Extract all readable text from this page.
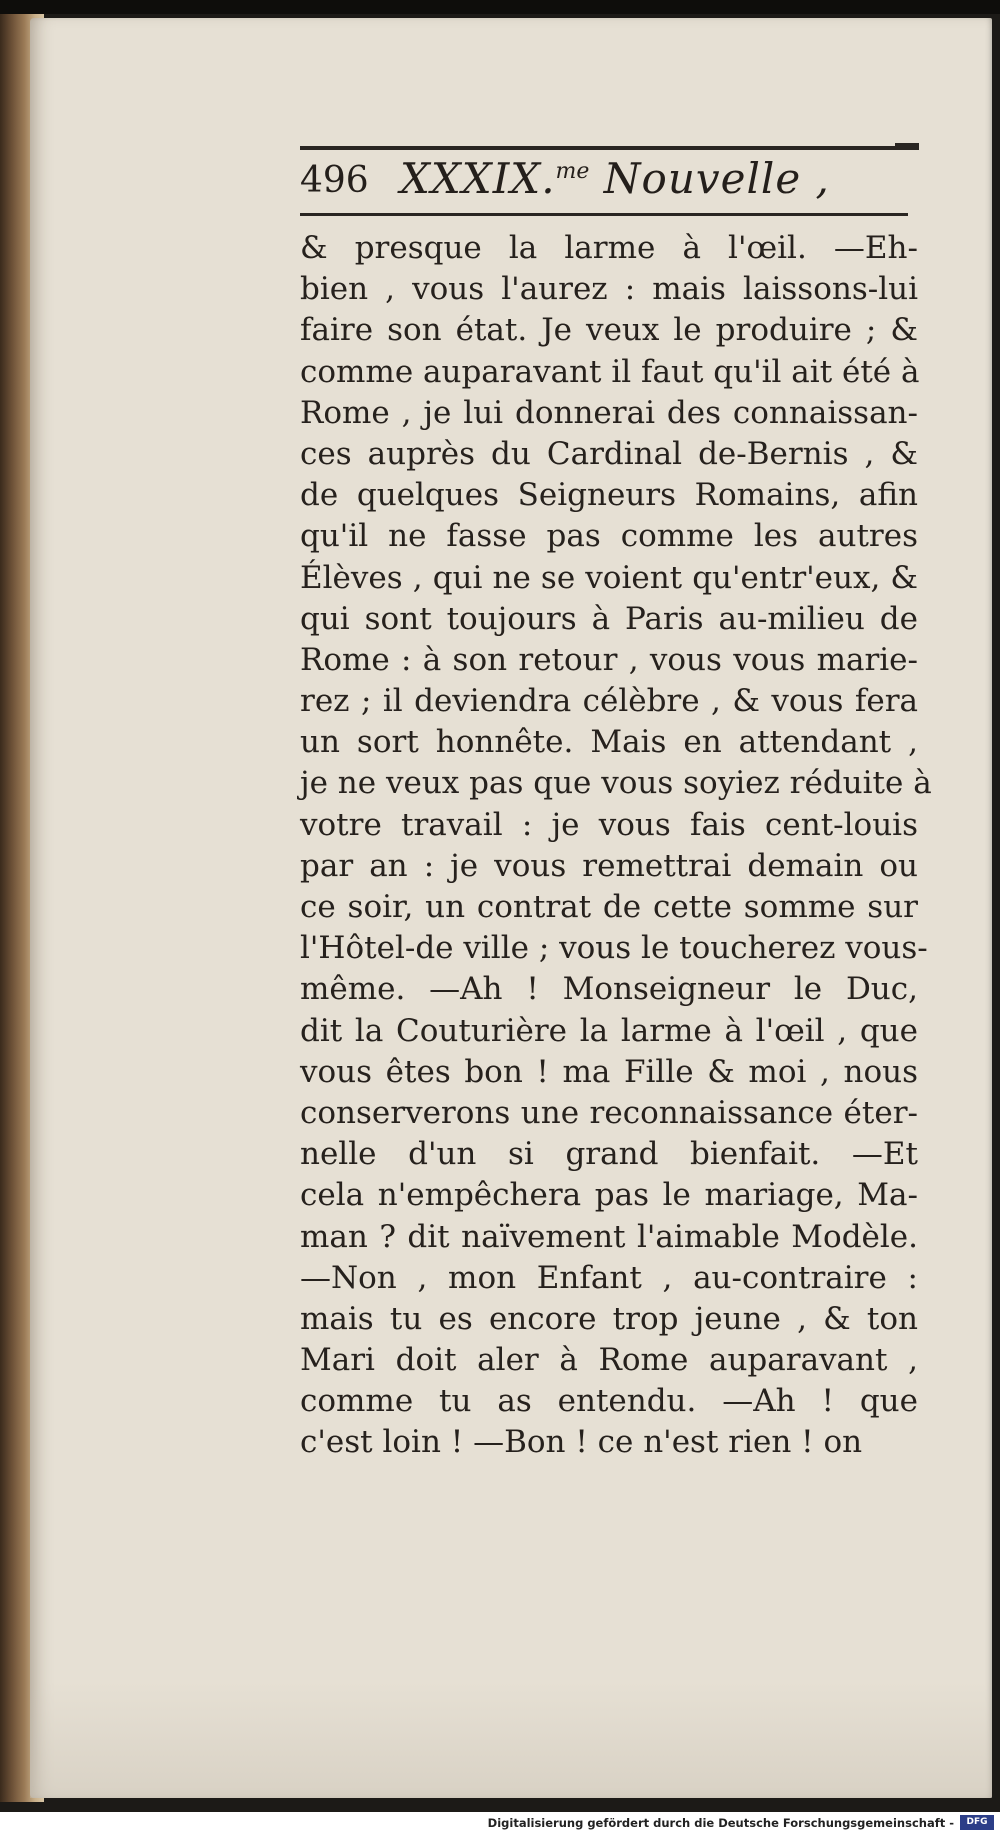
496 XXXIX.$^{me}$ Nouvelle ,
& presque la larme à l'œil. —Eh-
bien , vous l'aurez : mais laissons-lui
faire son état. Je veux le produire ; &
comme auparavant il faut qu'il ait été à
Rome , je lui donnerai des connaissan-
ces auprès du Cardinal de-Bernis , &
de quelques Seigneurs Romains, afin
qu'il ne fasse pas comme les autres
Élèves , qui ne se voient qu'entr'eux, &
qui sont toujours à Paris au-milieu de
Rome : à son retour , vous vous marie-
rez ; il deviendra célèbre , & vous fera
un sort honnête. Mais en attendant ,
je ne veux pas que vous soyiez réduite à
votre travail : je vous fais cent-louis
par an : je vous remettrai demain ou
ce soir, un contrat de cette somme sur
l'Hôtel-de ville ; vous le toucherez vous-
même. —Ah ! Monseigneur le Duc,
dit la Couturière la larme à l'œil , que
vous êtes bon ! ma Fille & moi , nous
conserverons une reconnaissance éter-
nelle d'un si grand bienfait. —Et
cela n'empêchera pas le mariage, Ma-
man ? dit naïvement l'aimable Modèle.
—Non , mon Enfant , au-contraire :
mais tu es encore trop jeune , & ton
Mari doit aler à Rome auparavant ,
comme tu as entendu. —Ah ! que
c'est loin ! —Bon ! ce n'est rien ! on
Digitalisierung gefördert durch die Deutsche Forschungsgemeinschaft -	DFG
